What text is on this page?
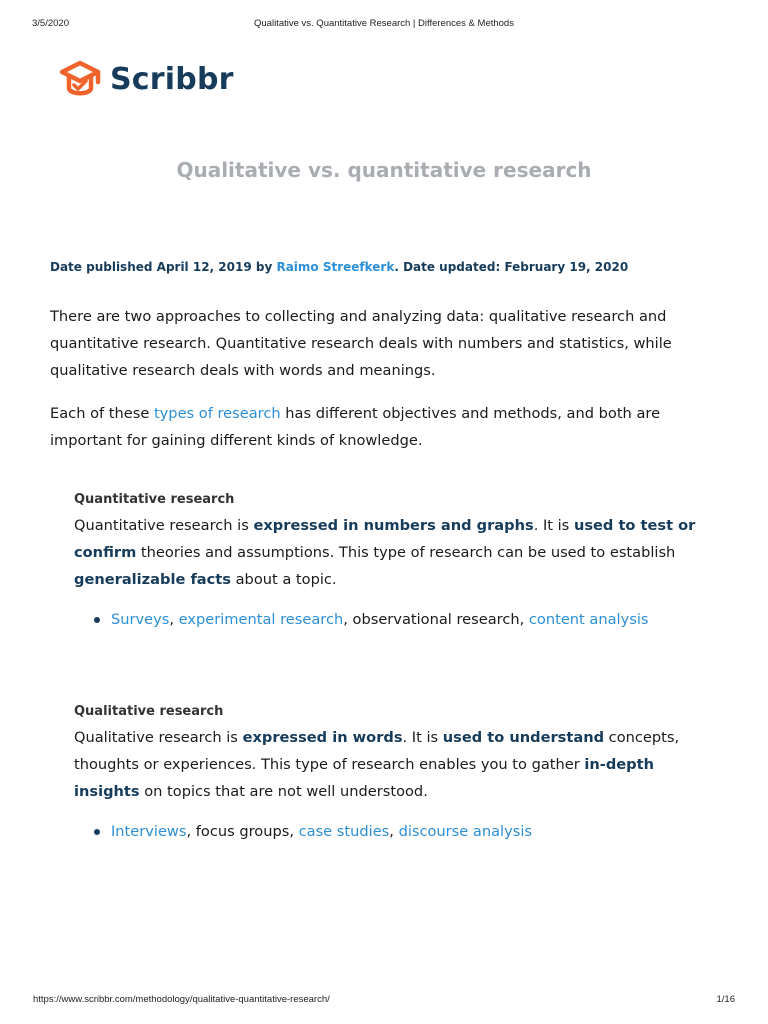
3/5/2020	Qualitative vs. Quantitative Research | Differences & Methods
Scribbr
Qualitative vs. quantitative research
Date published April 12, 2019 by Raimo Streefkerk. Date updated: February 19, 2020

There are two approaches to collecting and analyzing data: qualitative research and quantitative research. Quantitative research deals with numbers and statistics, while qualitative research deals with words and meanings.

Each of these types of research has different objectives and methods, and both are important for gaining different kinds of knowledge.

Quantitative research

Quantitative research is expressed in numbers and graphs. It is used to test or confirm theories and assumptions. This type of research can be used to establish generalizable facts about a topic.

Surveys, experimental research, observational research, content analysis

Qualitative research

Qualitative research is expressed in words. It is used to understand concepts, thoughts or experiences. This type of research enables you to gather in-depth insights on topics that are not well understood.

Interviews, focus groups, case studies, discourse analysis
https://www.scribbr.com/methodology/qualitative-quantitative-research/	1/16
